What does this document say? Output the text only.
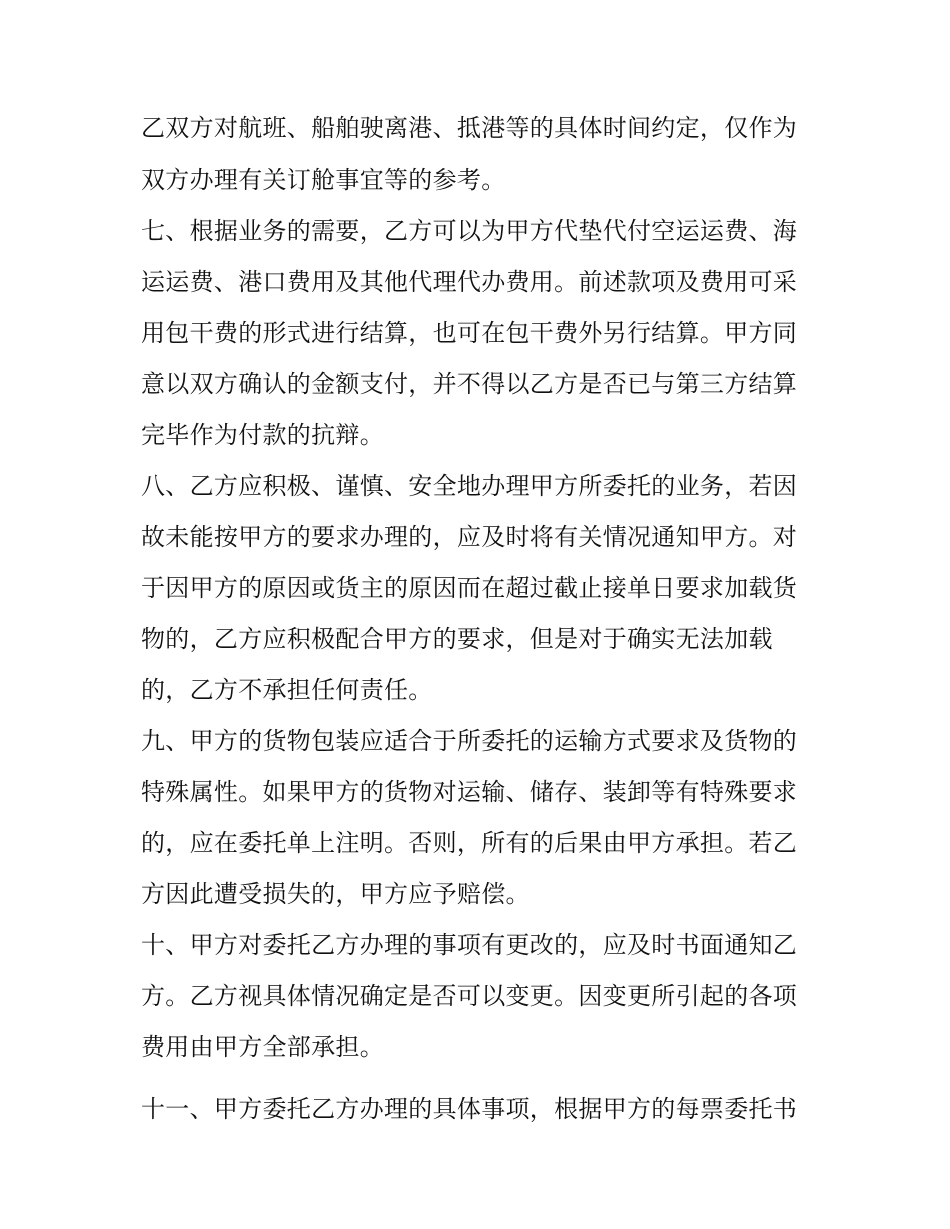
乙双方对航班、船舶驶离港、抵港等的具体时间约定，仅作为
双方办理有关订舱事宜等的参考。
七、根据业务的需要，乙方可以为甲方代垫代付空运运费、海
运运费、港口费用及其他代理代办费用。前述款项及费用可采
用包干费的形式进行结算，也可在包干费外另行结算。甲方同
意以双方确认的金额支付，并不得以乙方是否已与第三方结算
完毕作为付款的抗辩。
八、乙方应积极、谨慎、安全地办理甲方所委托的业务，若因
故未能按甲方的要求办理的，应及时将有关情况通知甲方。对
于因甲方的原因或货主的原因而在超过截止接单日要求加载货
物的，乙方应积极配合甲方的要求，但是对于确实无法加载
的，乙方不承担任何责任。
九、甲方的货物包装应适合于所委托的运输方式要求及货物的
特殊属性。如果甲方的货物对运输、储存、装卸等有特殊要求
的，应在委托单上注明。否则，所有的后果由甲方承担。若乙
方因此遭受损失的，甲方应予赔偿。
十、甲方对委托乙方办理的事项有更改的，应及时书面通知乙
方。乙方视具体情况确定是否可以变更。因变更所引起的各项
费用由甲方全部承担。
十一、甲方委托乙方办理的具体事项，根据甲方的每票委托书
